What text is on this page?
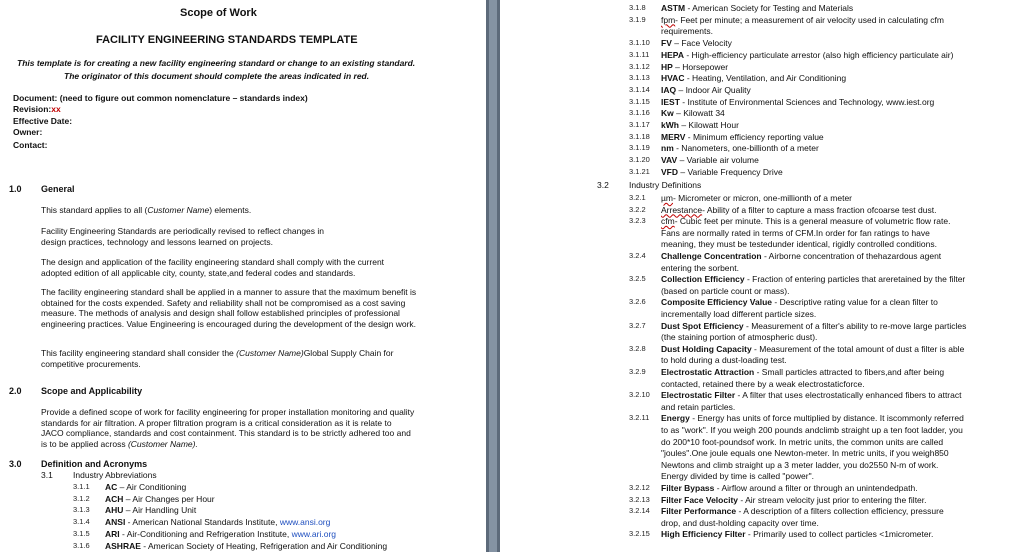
Scope of Work
FACILITY ENGINEERING STANDARDS TEMPLATE
This template is for creating a new facility engineering standard or change to an existing standard.
The originator of this document should complete the areas indicated in red.
Document: (need to figure out common nomenclature – standards index)
Revision:xx
Effective Date:
Owner:
Contact:
1.0 General

This standard applies to all (Customer Name) elements.

Facility Engineering Standards are periodically revised to reflect changes in design practices, technology and lessons learned on projects.

The design and application of the facility engineering standard shall comply with the current adopted edition of all applicable city, county, state,and federal codes and standards.

The facility engineering standard shall be applied in a manner to assure that the maximum benefit is obtained for the costs expended. Safety and reliability shall not be compromised as a cost saving measure. The methods of analysis and design shall follow established principles of professional engineering practices. Value Engineering is encouraged during the development of the design work.

This facility engineering standard shall consider the (Customer Name)Global Supply Chain for competitive procurements.

2.0 Scope and Applicability

Provide a defined scope of work for facility engineering for proper installation monitoring and quality standards for air filtration. A proper filtration program is a critical consideration as it is relate to JACO compliance, standards and cost containment. This standard is to be strictly adhered too and is to be applied across (Customer Name).

3.0 Definition and Acronyms
3.1 Industry Abbreviations
3.1.1 AC – Air Conditioning
3.1.2 ACH – Air Changes per Hour
3.1.3 AHU – Air Handling Unit
3.1.4 ANSI - American National Standards Institute, www.ansi.org
3.1.5 ARI - Air-Conditioning and Refrigeration Institute, www.ari.org
3.1.6 ASHRAE - American Society of Heating, Refrigeration and Air Conditioning
3.1.8 ASTM - American Society for Testing and Materials
3.1.9 fpm- Feet per minute; a measurement of air velocity used in calculating cfm
requirements.
3.1.10 FV – Face Velocity
3.1.11 HEPA - High-efficiency particulate arrestor (also high efficiency particulate air)
3.1.12 HP – Horsepower
3.1.13 HVAC - Heating, Ventilation, and Air Conditioning
3.1.14 IAQ – Indoor Air Quality
3.1.15 IEST - Institute of Environmental Sciences and Technology, www.iest.org
3.1.16 Kw – Kilowatt 34
3.1.17 kWh – Kilowatt Hour
3.1.18 MERV - Minimum efficiency reporting value
3.1.19 nm - Nanometers, one-billionth of a meter
3.1.20 VAV – Variable air volume
3.1.21 VFD – Variable Frequency Drive
3.2 Industry Definitions
3.2.1 µm- Micrometer or micron, one-millionth of a meter
3.2.2 Arrestance- Ability of a filter to capture a mass fraction ofcoarse test dust.
3.2.3 cfm- Cubic feet per minute. This is a general measure of volumetric flow rate.
Fans are normally rated in terms of CFM.In order for fan ratings to have
meaning, they must be testedunder identical, rigidly controlled conditions.
3.2.4 Challenge Concentration - Airborne concentration of thehazardous agent
entering the sorbent.
3.2.5 Collection Efficiency - Fraction of entering particles that areretained by the filter
(based on particle count or mass).
3.2.6 Composite Efficiency Value - Descriptive rating value for a clean filter to
incrementally load different particle sizes.
3.2.7 Dust Spot Efficiency - Measurement of a filter's ability to re-move large particles
(the staining portion of atmospheric dust).
3.2.8 Dust Holding Capacity - Measurement of the total amount of dust a filter is able
to hold during a dust-loading test.
3.2.9 Electrostatic Attraction - Small particles attracted to fibers,and after being
contacted, retained there by a weak electrostaticforce.
3.2.10 Electrostatic Filter - A filter that uses electrostatically enhanced fibers to attract
and retain particles.
3.2.11 Energy - Energy has units of force multiplied by distance. It iscommonly referred
to as "work". If you weigh 200 pounds andclimb straight up a ten foot ladder, you
do 200*10 foot-poundsof work. In metric units, the common units are called
"joules".One joule equals one Newton-meter. In metric units, if you weigh850
Newtons and climb straight up a 3 meter ladder, you do2550 N-m of work.
Energy divided by time is called "power".
3.2.12 Filter Bypass - Airflow around a filter or through an unintendedpath.
3.2.13 Filter Face Velocity - Air stream velocity just prior to entering the filter.
3.2.14 Filter Performance - A description of a filters collection efficiency, pressure
drop, and dust-holding capacity over time.
3.2.15 High Efficiency Filter - Primarily used to collect particles <1micrometer.
